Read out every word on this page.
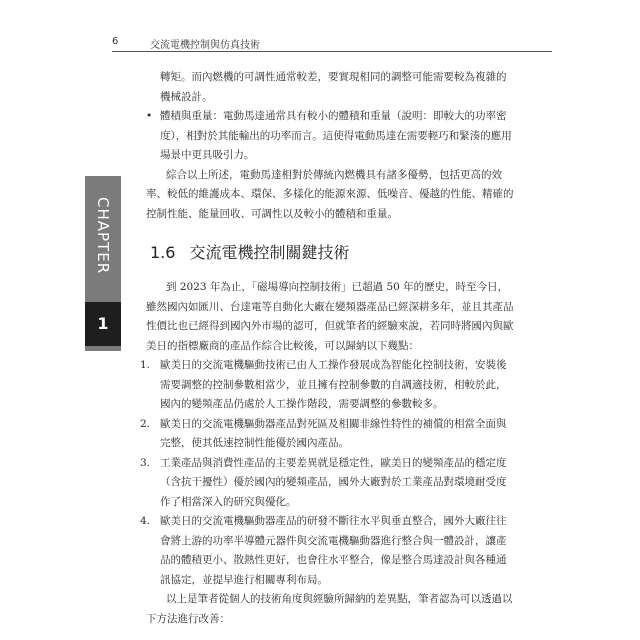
6	交流電機控制與仿真技術
CHAPTER
1

轉矩。而內燃機的可調性通常較差，要實現相同的調整可能需要較為複雜的機械設計。

• 體積與重量：電動馬達通常具有較小的體積和重量（說明：即較大的功率密度），相對於其能輸出的功率而言。這使得電動馬達在需要輕巧和緊湊的應用場景中更具吸引力。

綜合以上所述，電動馬達相對於傳統內燃機具有諸多優勢，包括更高的效率、較低的維護成本、環保、多樣化的能源來源、低噪音、優越的性能、精確的控制性能、能量回收、可調性以及較小的體積和重量。

1.6 交流電機控制關鍵技術

到 2023 年為止，「磁場導向控制技術」已超過 50 年的歷史，時至今日，雖然國內如匯川、台達電等自動化大廠在變頻器產品已經深耕多年，並且其產品性價比也已經得到國內外市場的認可，但就筆者的經驗來說，若同時將國內與歐美日的指標廠商的產品作綜合比較後，可以歸納以下幾點：

1. 歐美日的交流電機驅動技術已由人工操作發展成為智能化控制技術，安裝後需要調整的控制參數相當少，並且擁有控制參數的自調適技術，相較於此，國內的變頻產品仍處於人工操作階段，需要調整的參數較多。
2. 歐美日的交流電機驅動器產品對死區及相關非線性特性的補償的相當全面與完整，使其低速控制性能優於國內產品。
3. 工業產品與消費性產品的主要差異就是穩定性，歐美日的變頻產品的穩定度（含抗干擾性）優於國內的變頻產品，國外大廠對於工業產品對環境耐受度作了相當深入的研究與優化。
4. 歐美日的交流電機驅動器產品的研發不斷往水平與垂直整合，國外大廠往往會將上游的功率半導體元器件與交流電機驅動器進行整合與一體設計，讓產品的體積更小、散熱性更好，也會往水平整合，像是整合馬達設計與各種通訊協定，並提早進行相關專利布局。

以上是筆者從個人的技術角度與經驗所歸納的差異點，筆者認為可以透過以下方法進行改善：
